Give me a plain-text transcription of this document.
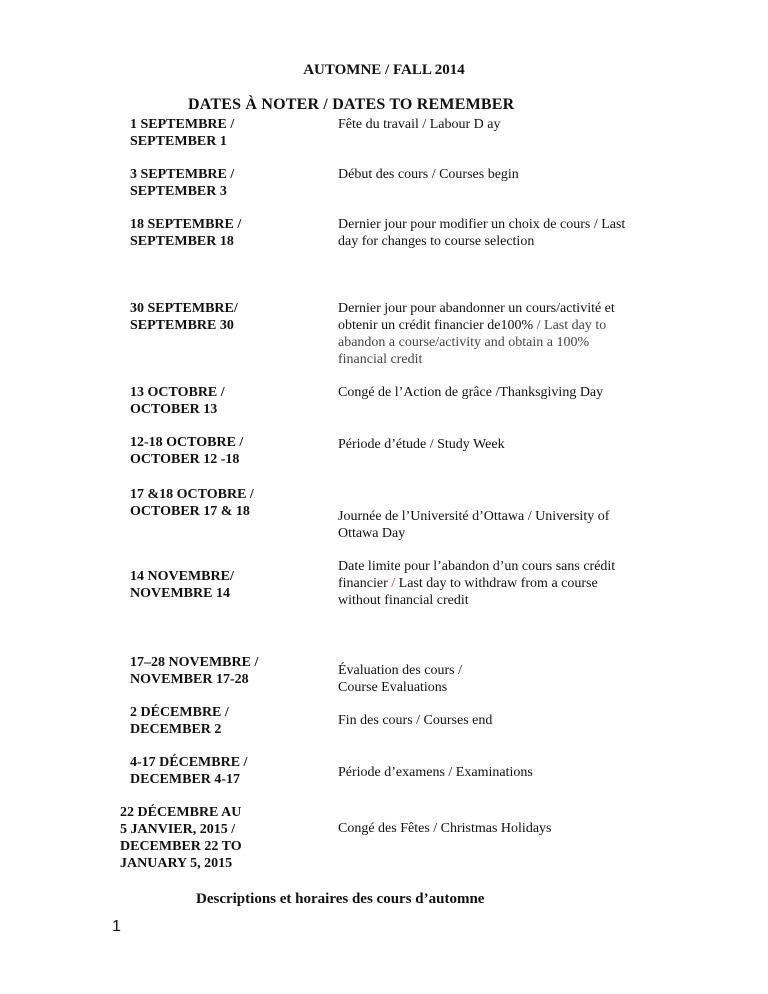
AUTOMNE / FALL 2014
DATES À NOTER / DATES TO REMEMBER
1 SEPTEMBRE /
SEPTEMBER 1
Fête du travail / Labour D ay
3 SEPTEMBRE /
SEPTEMBER 3
Début des cours / Courses begin
18 SEPTEMBRE /
SEPTEMBER 18
Dernier jour pour modifier un choix de cours / Last
day for changes to course selection
30 SEPTEMBRE/
SEPTEMBRE 30
Dernier jour pour abandonner un cours/activité et
obtenir un crédit financier de100% / Last day to
abandon a course/activity and obtain a 100%
financial credit
13 OCTOBRE /
OCTOBER 13
Congé de l’Action de grâce /Thanksgiving Day
12-18 OCTOBRE /
OCTOBER 12 -18
Période d’étude / Study Week
17 &18 OCTOBRE /
OCTOBER 17 & 18	Journée de l’Université d’Ottawa / University of
Ottawa Day
14 NOVEMBRE/
NOVEMBRE 14
Date limite pour l’abandon d’un cours sans crédit
financier / Last day to withdraw from a course
without financial credit
17–28 NOVEMBRE /
NOVEMBER 17-28
Évaluation des cours /
Course Evaluations
2 DÉCEMBRE /
DECEMBER 2
Fin des cours / Courses end
4-17 DÉCEMBRE /
DECEMBER 4-17	Période d’examens / Examinations
22 DÉCEMBRE AU
5 JANVIER, 2015 /
DECEMBER 22 TO
JANUARY 5, 2015
Congé des Fêtes / Christmas Holidays
Descriptions et horaires des cours d’automne
1
